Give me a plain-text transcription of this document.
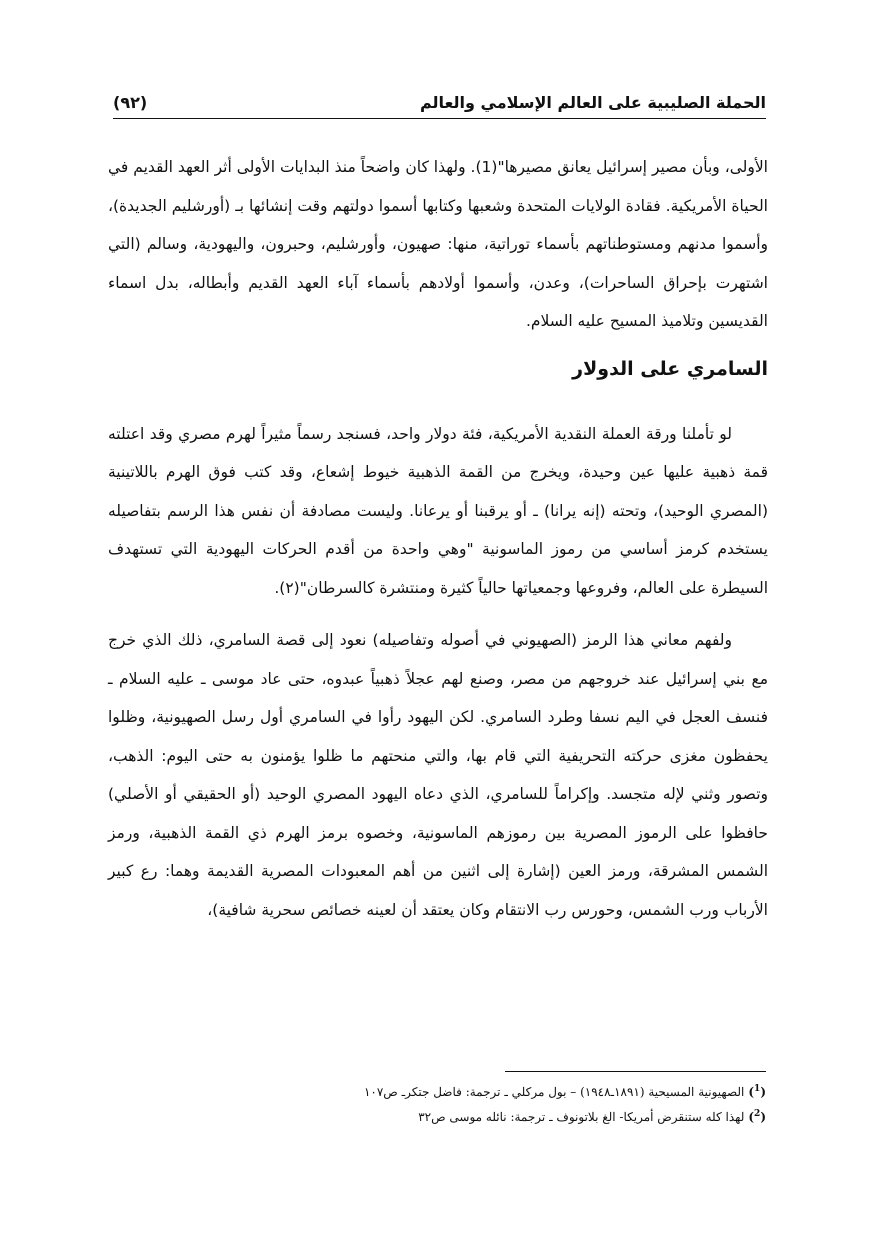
الحملة الصليبية على العالم الإسلامي والعالم
(٩٢)

الأولى، وبأن مصير إسرائيل يعانق مصيرها"(1). ولهذا كان واضحاً منذ البدايات الأولى أثر العهد القديم في الحياة الأمريكية. فقادة الولايات المتحدة وشعبها وكتابها أسموا دولتهم وقت إنشائها بـ (أورشليم الجديدة)، وأسموا مدنهم ومستوطناتهم بأسماء توراتية، منها: صهيون، وأورشليم، وحبرون، واليهودية، وسالم (التي اشتهرت بإحراق الساحرات)، وعدن، وأسموا أولادهم بأسماء آباء العهد القديم وأبطاله، بدل اسماء القديسين وتلاميذ المسيح عليه السلام.

السامري على الدولار

لو تأملنا ورقة العملة النقدية الأمريكية، فئة دولار واحد، فسنجد رسماً مثيراً لهرم مصري وقد اعتلته قمة ذهبية عليها عين وحيدة، ويخرج من القمة الذهبية خيوط إشعاع، وقد كتب فوق الهرم باللاتينية (المصري الوحيد)، وتحته (إنه يرانا) ـ أو يرقبنا أو يرعانا. وليست مصادفة أن نفس هذا الرسم بتفاصيله يستخدم كرمز أساسي من رموز الماسونية "وهي واحدة من أقدم الحركات اليهودية التي تستهدف السيطرة على العالم، وفروعها وجمعياتها حالياً كثيرة ومنتشرة كالسرطان"(٢).

ولفهم معاني هذا الرمز (الصهيوني في أصوله وتفاصيله) نعود إلى قصة السامري، ذلك الذي خرج مع بني إسرائيل عند خروجهم من مصر، وصنع لهم عجلاً ذهبياً عبدوه، حتى عاد موسى ـ عليه السلام ـ فنسف العجل في اليم نسفا وطرد السامري. لكن اليهود رأوا في السامري أول رسل الصهيونية، وظلوا يحفظون مغزى حركته التحريفية التي قام بها، والتي منحتهم ما ظلوا يؤمنون به حتى اليوم: الذهب، وتصور وثني لإله متجسد. وإكراماً للسامري، الذي دعاه اليهود المصري الوحيد (أو الحقيقي أو الأصلي) حافظوا على الرموز المصرية بين رموزهم الماسونية، وخصوه برمز الهرم ذي القمة الذهبية، ورمز الشمس المشرقة، ورمز العين (إشارة إلى اثنين من أهم المعبودات المصرية القديمة وهما: رع كبير الأرباب ورب الشمس، وحورس رب الانتقام وكان يعتقد أن لعينه خصائص سحرية شافية)،

($^1$)الصهيونية المسيحية (١٨٩١ـ١٩٤٨) – بول مركلي ـ ترجمة: فاضل جتكرـ ص١٠٧

($^2$)لهذا كله ستنقرض أمريكا- الغ بلاتونوف ـ ترجمة: نائله موسى ص٣٢
